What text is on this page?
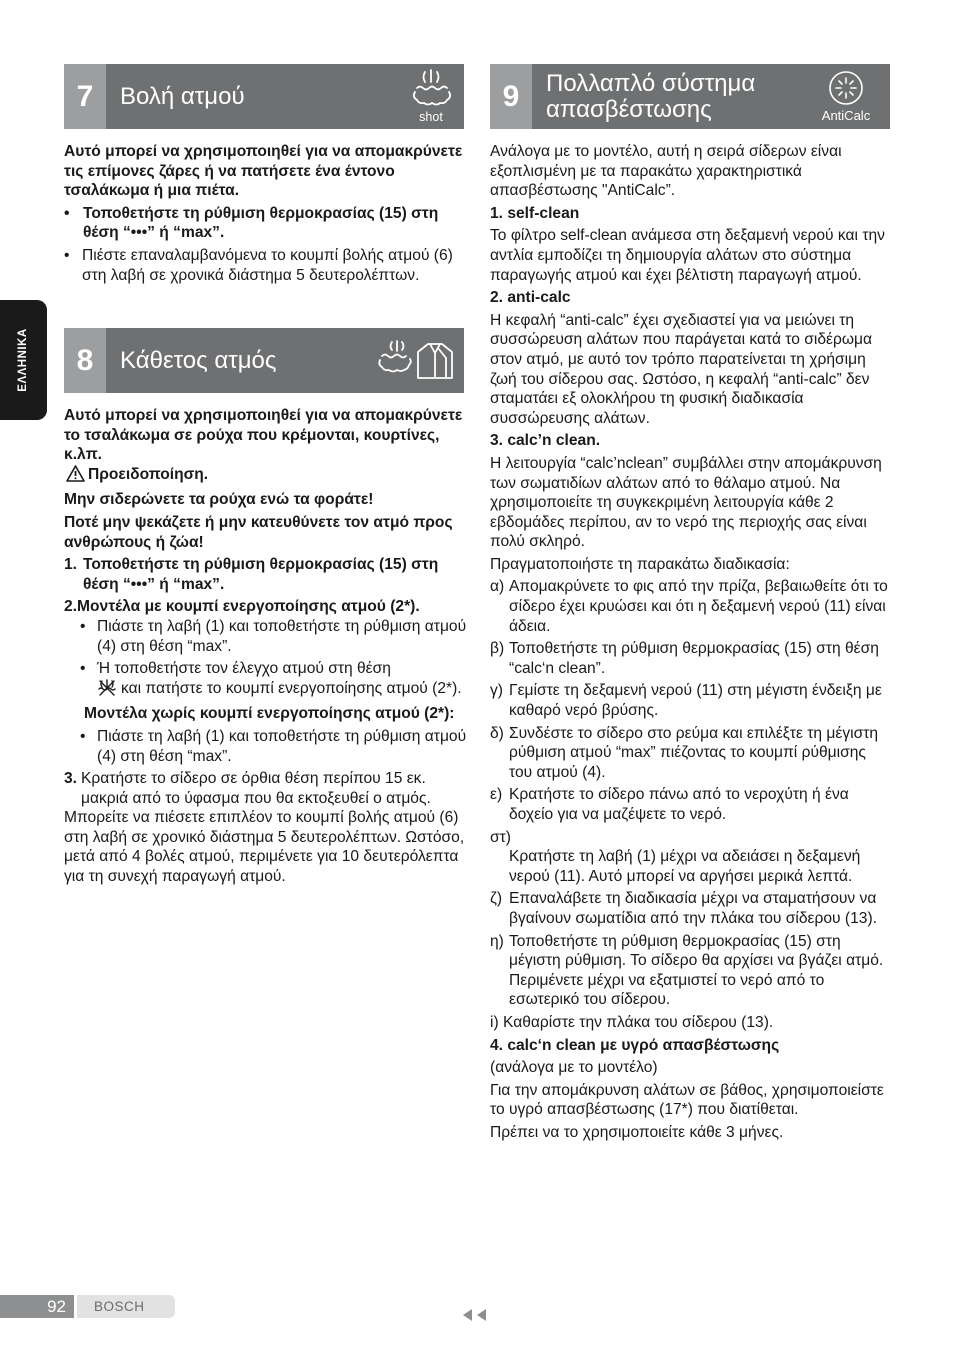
7	Βολή ατμού
shot

Αυτό μπορεί να χρησιμοποιηθεί για να απομακρύνετε τις επίμονες ζάρες ή να πατήσετε ένα έντονο τσαλάκωμα ή μια πιέτα.

• Τοποθετήστε τη ρύθμιση θερμοκρασίας (15) στη θέση “•••” ή “max”.
• Πιέστε επαναλαμβανόμενα το κουμπί βολής ατμού (6) στη λαβή σε χρονικά διάστημα 5 δευτερολέπτων.
8	Κάθετος ατμός

Αυτό μπορεί να χρησιμοποιηθεί για να απομακρύνετε το τσαλάκωμα σε ρούχα που κρέμονται, κουρτίνες, κ.λπ.

Προειδοποίηση.

Μην σιδερώνετε τα ρούχα ενώ τα φοράτε!

Ποτέ μην ψεκάζετε ή μην κατευθύνετε τον ατμό προς ανθρώπους ή ζώα!

1. Τοποθετήστε τη ρύθμιση θερμοκρασίας (15) στη θέση “•••” ή “max”.

2.Μοντέλα με κουμπί ενεργοποίησης ατμού (2*).

• Πιάστε τη λαβή (1) και τοποθετήστε τη ρύθμιση ατμού (4) στη θέση “max”.
• Ή τοποθετήστε τον έλεγχο ατμού στη θέση
και πατήστε το κουμπί ενεργοποίησης ατμού (2*).

Μοντέλα χωρίς κουμπί ενεργοποίησης ατμού (2*):

• Πιάστε τη λαβή (1) και τοποθετήστε τη ρύθμιση ατμού (4) στη θέση “max”.
3. Κρατήστε το σίδερο σε όρθια θέση περίπου 15 εκ. μακριά από το ύφασμα που θα εκτοξευθεί ο ατμός.

Μπορείτε να πιέσετε επιπλέον το κουμπί βολής ατμού (6) στη λαβή σε χρονικό διάστημα 5 δευτερολέπτων. Ωστόσο, μετά από 4 βολές ατμού, περιμένετε για 10 δευτερόλεπτα για τη συνεχή παραγωγή ατμού.

9	Πολλαπλό σύστημα
απασβέστωσης	AntiCalc

Ανάλογα με το μοντέλο, αυτή η σειρά σίδερων είναι εξοπλισμένη με τα παρακάτω χαρακτηριστικά απασβέστωσης "AntiCalc”.

1. self-clean

Το φίλτρο self-clean ανάμεσα στη δεξαμενή νερού και την αντλία εμποδίζει τη δημιουργία αλάτων στο σύστημα παραγωγής ατμού και έχει βέλτιστη παραγωγή ατμού.

2. anti-calc

Η κεφαλή “anti-calc” έχει σχεδιαστεί για να μειώνει τη συσσώρευση αλάτων που παράγεται κατά το σιδέρωμα στον ατμό, με αυτό τον τρόπο παρατείνεται τη χρήσιμη ζωή του σίδερου σας. Ωστόσο, η κεφαλή “anti-calc” δεν σταματάει εξ ολοκλήρου τη φυσική διαδικασία συσσώρευσης αλάτων.

3. calc’n clean.

Η λειτουργία “calc’nclean” συμβάλλει στην απομάκρυνση των σωματιδίων αλάτων από το θάλαμο ατμού. Να χρησιμοποιείτε τη συγκεκριμένη λειτουργία κάθε 2 εβδομάδες περίπου, αν το νερό της περιοχής σας είναι πολύ σκληρό.

Πραγματοποιήστε τη παρακάτω διαδικασία:

α) Απομακρύνετε το φις από την πρίζα, βεβαιωθείτε ότι το σίδερο έχει κρυώσει και ότι η δεξαμενή νερού (11) είναι άδεια.
β) Τοποθετήστε τη ρύθμιση θερμοκρασίας (15) στη θέση “calc‘n clean”.
γ) Γεμίστε τη δεξαμενή νερού (11) στη μέγιστη ένδειξη με καθαρό νερό βρύσης.
δ) Συνδέστε το σίδερο στο ρεύμα και επιλέξτε τη μέγιστη ρύθμιση ατμού “max” πιέζοντας το κουμπί ρύθμισης του ατμού (4).
ε) Κρατήστε το σίδερο πάνω από το νεροχύτη ή ένα δοχείο για να μαζέψετε το νερό.

στ)

Κρατήστε τη λαβή (1) μέχρι να αδειάσει η δεξαμενή νερού (11). Αυτό μπορεί να αργήσει μερικά λεπτά.

ζ) Επαναλάβετε τη διαδικασία μέχρι να σταματήσουν να βγαίνουν σωματίδια από την πλάκα του σίδερου (13).
η) Τοποθετήστε τη ρύθμιση θερμοκρασίας (15) στη μέγιστη ρύθμιση. Το σίδερο θα αρχίσει να βγάζει ατμό. Περιμένετε μέχρι να εξατμιστεί το νερό από το εσωτερικό του σίδερου.

i) Καθαρίστε την πλάκα του σίδερου (13).

4. calc‘n clean με υγρό απασβέστωσης

(ανάλογα με το μοντέλο)

Για την απομάκρυνση αλάτων σε βάθος, χρησιμοποιείστε το υγρό απασβέστωσης (17*) που διατίθεται.

Πρέπει να το χρησιμοποιείτε κάθε 3 μήνες.

ΕΛΛΗΝΙΚΑ
92	BOSCH
